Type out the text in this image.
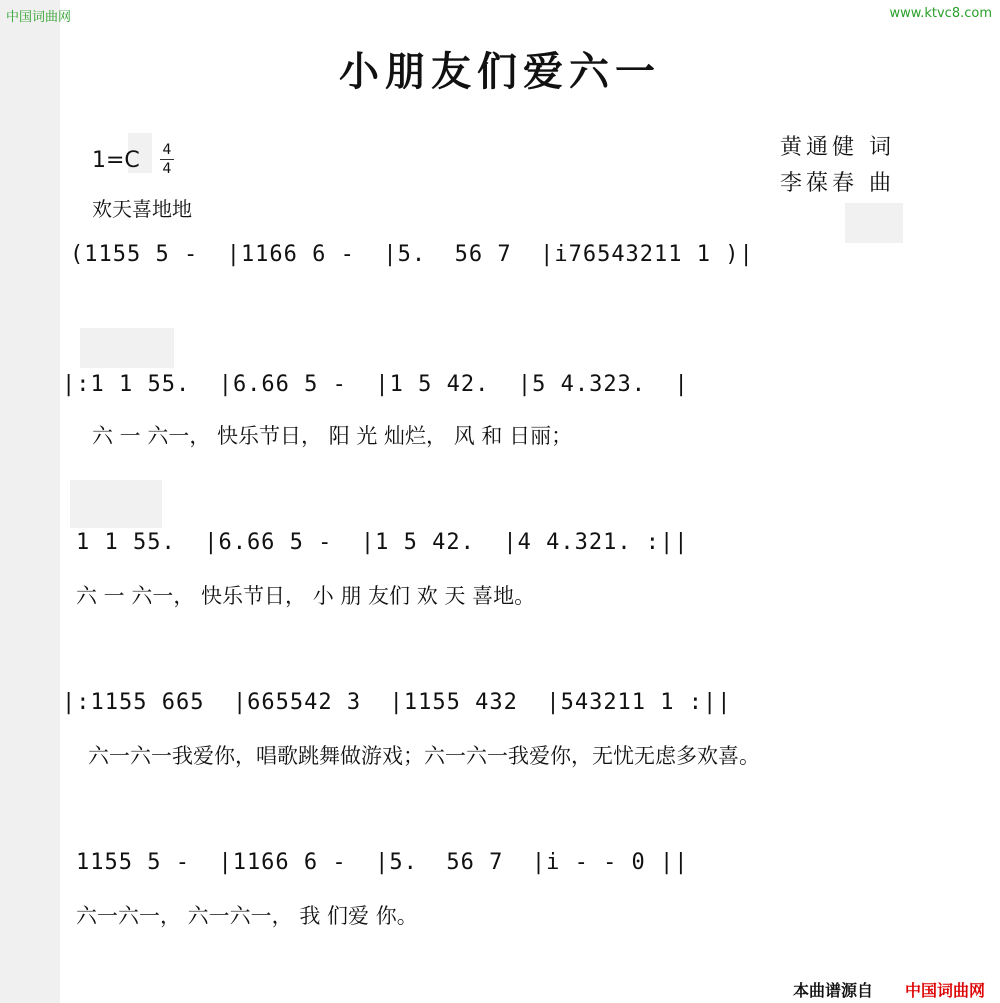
中国词曲网	www.ktvc8.com
小朋友们爱六一
1=C 4
4
欢天喜地地
黄通健 词
李葆春 曲
(1155 5 -  |1166 6 -  |5.  56 7  |i76543211 1 )|
|:1 1 55.  |6.66 5 -  |1 5 42.  |5 4.323.  |
六 一 六一， 快乐节日， 阳 光 灿烂， 风 和 日丽；
1 1 55.  |6.66 5 -  |1 5 42.  |4 4.321. :||
六 一 六一， 快乐节日， 小 朋 友们 欢 天 喜地。
|:1155 665  |665542 3  |1155 432  |543211 1 :||
六一六一我爱你，唱歌跳舞做游戏；六一六一我爱你，无忧无虑多欢喜。
1155 5 -  |1166 6 -  |5.  56 7  |i - - 0 ||
六一六一， 六一六一， 我 们爱 你。
本曲谱源自 中国词曲网
